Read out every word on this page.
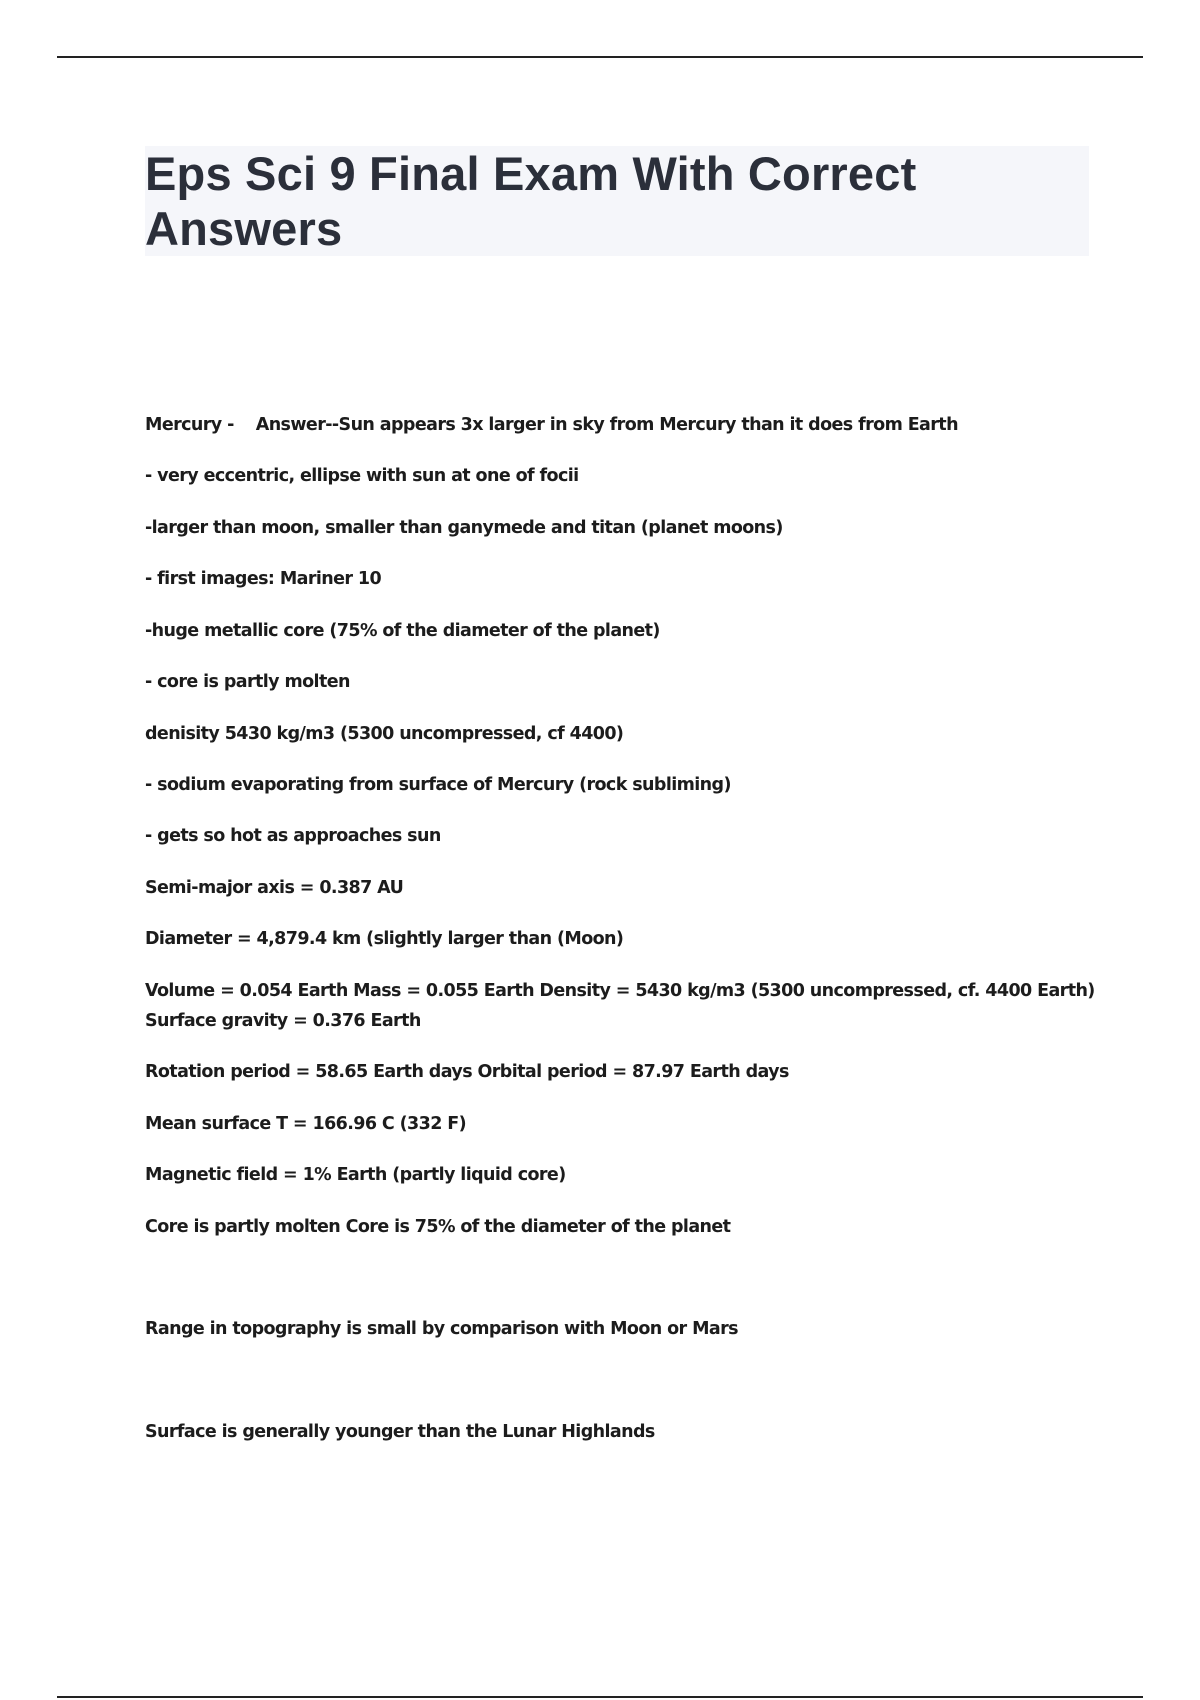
Eps Sci 9 Final Exam With Correct Answers
Mercury - Answer--Sun appears 3x larger in sky from Mercury than it does from Earth
- very eccentric, ellipse with sun at one of focii
-larger than moon, smaller than ganymede and titan (planet moons)
- first images: Mariner 10
-huge metallic core (75% of the diameter of the planet)
- core is partly molten
denisity 5430 kg/m3 (5300 uncompressed, cf 4400)
- sodium evaporating from surface of Mercury (rock subliming)
- gets so hot as approaches sun
Semi-major axis = 0.387 AU
Diameter = 4,879.4 km (slightly larger than (Moon)
Volume = 0.054 Earth Mass = 0.055 Earth Density = 5430 kg/m3 (5300 uncompressed, cf. 4400 Earth)
Surface gravity = 0.376 Earth
Rotation period = 58.65 Earth days Orbital period = 87.97 Earth days
Mean surface T = 166.96 C (332 F)
Magnetic field = 1% Earth (partly liquid core)
Core is partly molten Core is 75% of the diameter of the planet
Range in topography is small by comparison with Moon or Mars
Surface is generally younger than the Lunar Highlands
